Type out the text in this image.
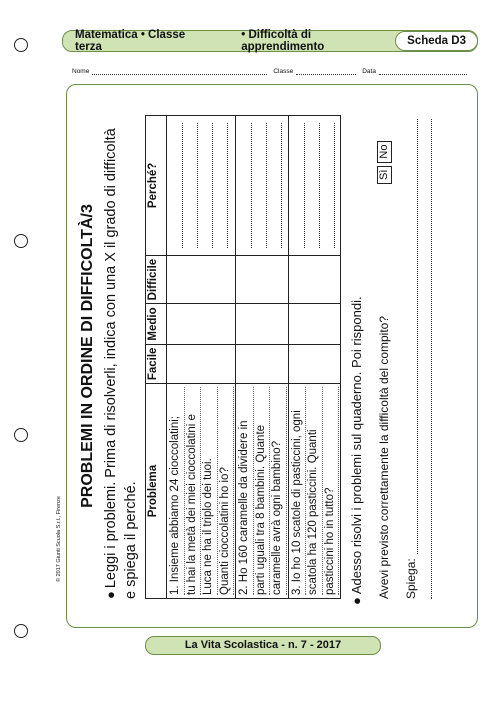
Matematica • Classe terza
• Difficoltà di apprendimento	Scheda D3
Nome	Classe	Data
PROBLEMI IN ORDINE DI DIFFICOLTÀ/3
●Leggi i problemi. Prima di risolverli, indica con una X il grado di difficoltà e spiega il perché. Problema	Facile	Medio	Difficile	Perché?

1. Insieme abbiamo 24 cioccolatini; tu hai la metà dei miei cioccolatini e Luca ne ha il triplo dei tuoi. Quanti cioccolatini ho io?				

2. Ho 160 caramelle da dividere in parti uguali tra 8 bambini. Quante caramelle avrà ogni bambino?				

3. Io ho 10 scatole di pasticcini, ogni scatola ha 120 pasticcini. Quanti pasticcini ho in tutto?				

●Adesso risolvi i problemi sul quaderno. Poi rispondi. Avevi previsto correttamente la difficoltà del compito?
Sì
No
Spiega:
© 2017 Giunti Scuola S.r.l., Firenze
La Vita Scolastica - n. 7 - 2017
